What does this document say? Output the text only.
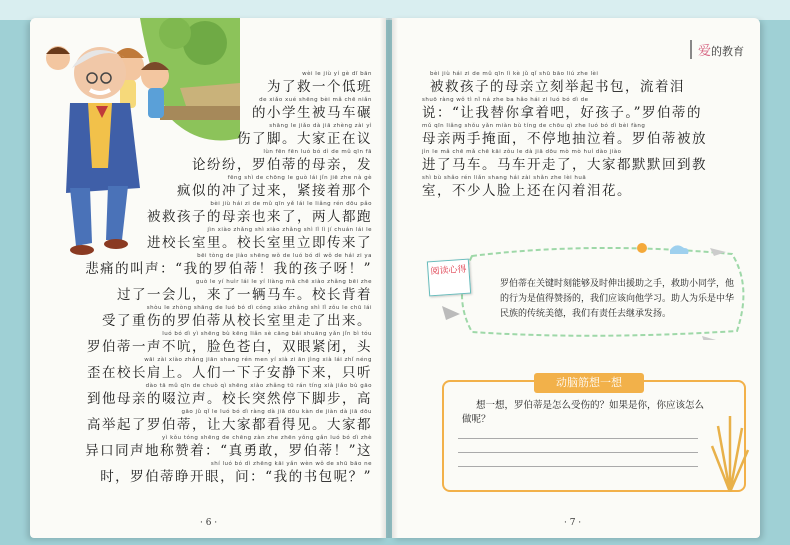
wèi le jiù yí gè dī bān
为了救一个低班
de xiǎo xué shēng bèi mǎ chē niǎn
的小学生被马车碾
shāng le jiǎo dà jiā zhèng zài yì
伤了脚。大家正在议
lùn fēn fēn luó bó dì de mǔ qīn fā
论纷纷，罗伯蒂的母亲，发
fēng shì de chōng le guò lái jǐn jiē zhe nà gè
疯似的冲了过来，紧接着那个
bèi jiù hái zi de mǔ qīn yě lái le liǎng rén dōu pǎo
被救孩子的母亲也来了，两人都跑
jìn xiào zhǎng shì xiào zhǎng shì lǐ lì jí chuán lái le
进校长室里。校长室里立即传来了
bēi tòng de jiào shēng wǒ de luó bó dì wǒ de hái zi ya
悲痛的叫声：“我的罗伯蒂！我的孩子呀！”
guò le yí huìr lái le yí liàng mǎ chē xiào zhǎng bēi zhe
过了一会儿，来了一辆马车。校长背着
shòu le zhòng shāng de luó bó dì cóng xiào zhǎng shì lǐ zǒu le chū lái
受了重伤的罗伯蒂从校长室里走了出来。
luó bó dì yì shēng bù kēng liǎn sè cāng bái shuāng yǎn jǐn bì tóu
罗伯蒂一声不吭，脸色苍白，双眼紧闭，头
wāi zài xiào zhǎng jiān shang rén men yí xià zi ān jìng xià lái zhǐ néng
歪在校长肩上。人们一下子安静下来，只听
dào tā mǔ qīn de chuò qì shēng xiào zhǎng tū rán tíng xià jiǎo bù gāo
到他母亲的啜泣声。校长突然停下脚步，高
gāo jǔ qǐ le luó bó dì ràng dà jiā dōu kàn de jiàn dà jiā dōu
高举起了罗伯蒂，让大家都看得见。大家都
yì kǒu tóng shēng de chēng zàn zhe zhēn yǒng gǎn luó bó dì zhè
异口同声地称赞着：“真勇敢，罗伯蒂！”这
shí luó bó dì zhēng kāi yǎn wèn wǒ de shū bāo ne
时，罗伯蒂睁开眼，问：“我的书包呢？”
· 6 ·
爱的教育
bèi jiù hái zi de mǔ qīn lì kè jǔ qǐ shū bāo liú zhe lèi
被救孩子的母亲立刻举起书包，流着泪
shuō ràng wǒ tì nǐ ná zhe ba hǎo hái zi luó bó dì de
说：“让我替你拿着吧，好孩子。”罗伯蒂的
mǔ qīn liǎng shǒu yǎn miàn bù tíng de chōu qì zhe luó bó dì bèi fàng
母亲两手掩面，不停地抽泣着。罗伯蒂被放
jìn le mǎ chē mǎ chē kāi zǒu le dà jiā dōu mò mò huí dào jiào
进了马车。马车开走了，大家都默默回到教
shì bù shǎo rén liǎn shang hái zài shǎn zhe lèi huā
室，不少人脸上还在闪着泪花。
阅读心得
罗伯蒂在关键时刻能够及时伸出援助之手，救助小同学，他的行为是值得赞扬的，我们应该向他学习。助人为乐是中华民族的传统美德，我们有责任去继承发扬。
动脑筋想一想
想一想，罗伯蒂是怎么受伤的？如果是你，你应该怎么做呢？
· 7 ·
